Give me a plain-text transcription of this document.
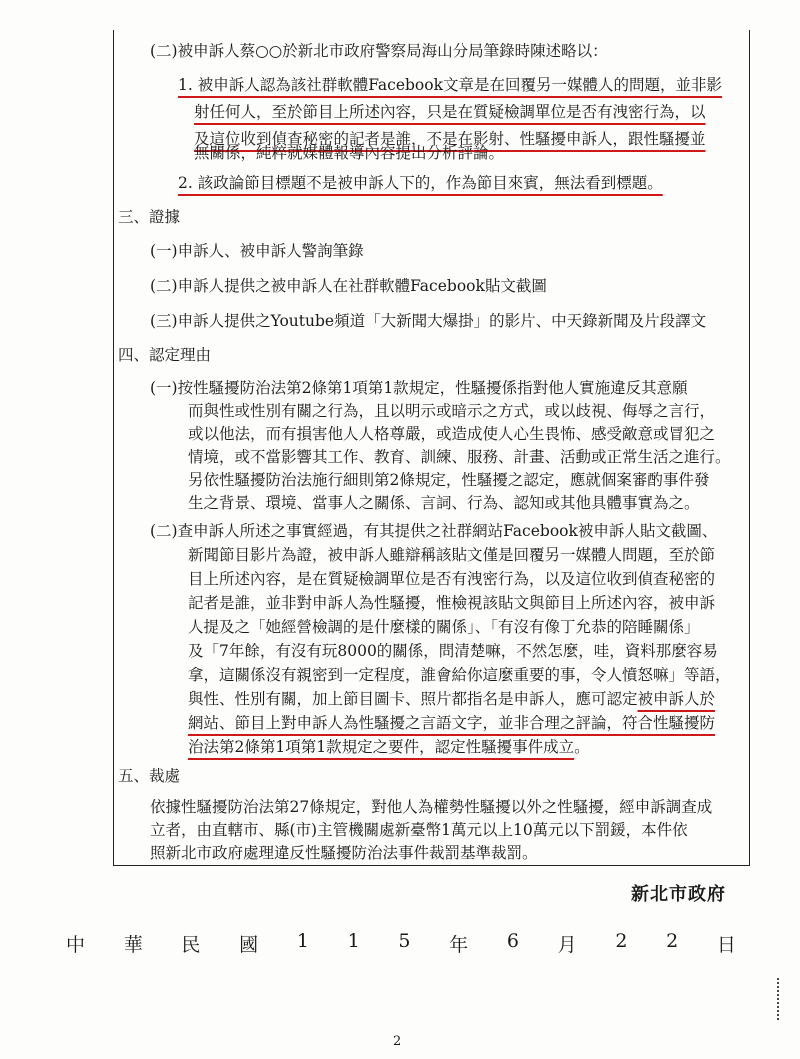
(二)被申訴人蔡○○於新北市政府警察局海山分局筆錄時陳述略以：
1. 被申訴人認為該社群軟體Facebook文章是在回覆另一媒體人的問題，並非影
射任何人，至於節目上所述內容，只是在質疑檢調單位是否有洩密行為，以
及這位收到偵查秘密的記者是誰，不是在影射、性騷擾申訴人，跟性騷擾並
無關係，純粹就媒體報導內容提出分析評論。
2. 該政論節目標題不是被申訴人下的，作為節目來賓，無法看到標題。
三、證據
(一)申訴人、被申訴人警詢筆錄
(二)申訴人提供之被申訴人在社群軟體Facebook貼文截圖
(三)申訴人提供之Youtube頻道「大新聞大爆掛」的影片、中天錄新聞及片段譯文
四、認定理由
(一)按性騷擾防治法第2條第1項第1款規定，性騷擾係指對他人實施違反其意願
而與性或性別有關之行為，且以明示或暗示之方式，或以歧視、侮辱之言行，
或以他法，而有損害他人人格尊嚴，或造成使人心生畏怖、感受敵意或冒犯之
情境，或不當影響其工作、教育、訓練、服務、計畫、活動或正常生活之進行。
另依性騷擾防治法施行細則第2條規定，性騷擾之認定，應就個案審酌事件發
生之背景、環境、當事人之關係、言詞、行為、認知或其他具體事實為之。
(二)查申訴人所述之事實經過，有其提供之社群網站Facebook被申訴人貼文截圖、
新聞節目影片為證，被申訴人雖辯稱該貼文僅是回覆另一媒體人問題，至於節
目上所述內容，是在質疑檢調單位是否有洩密行為，以及這位收到偵查秘密的
記者是誰，並非對申訴人為性騷擾，惟檢視該貼文與節目上所述內容，被申訴
人提及之「她經營檢調的是什麼樣的關係」、「有沒有像丁允恭的陪睡關係」
及「7年餘，有沒有玩8000的關係，問清楚嘛，不然怎麼，哇，資料那麼容易
拿，這關係沒有親密到一定程度，誰會給你這麼重要的事，令人憤怒嘛」等語，
與性、性別有關，加上節目圖卡、照片都指名是申訴人，應可認定被申訴人於
網站、節目上對申訴人為性騷擾之言語文字，並非合理之評論，符合性騷擾防
治法第2條第1項第1款規定之要件，認定性騷擾事件成立。
五、裁處
依據性騷擾防治法第27條規定，對他人為權勢性騷擾以外之性騷擾，經申訴調查成
立者，由直轄市、縣(市)主管機關處新臺幣1萬元以上10萬元以下罰鍰，本件依
照新北市政府處理違反性騷擾防治法事件裁罰基準裁罰。
新北市政府
中 華 民 國 1 1 5 年 6 月 2 2 日
2
